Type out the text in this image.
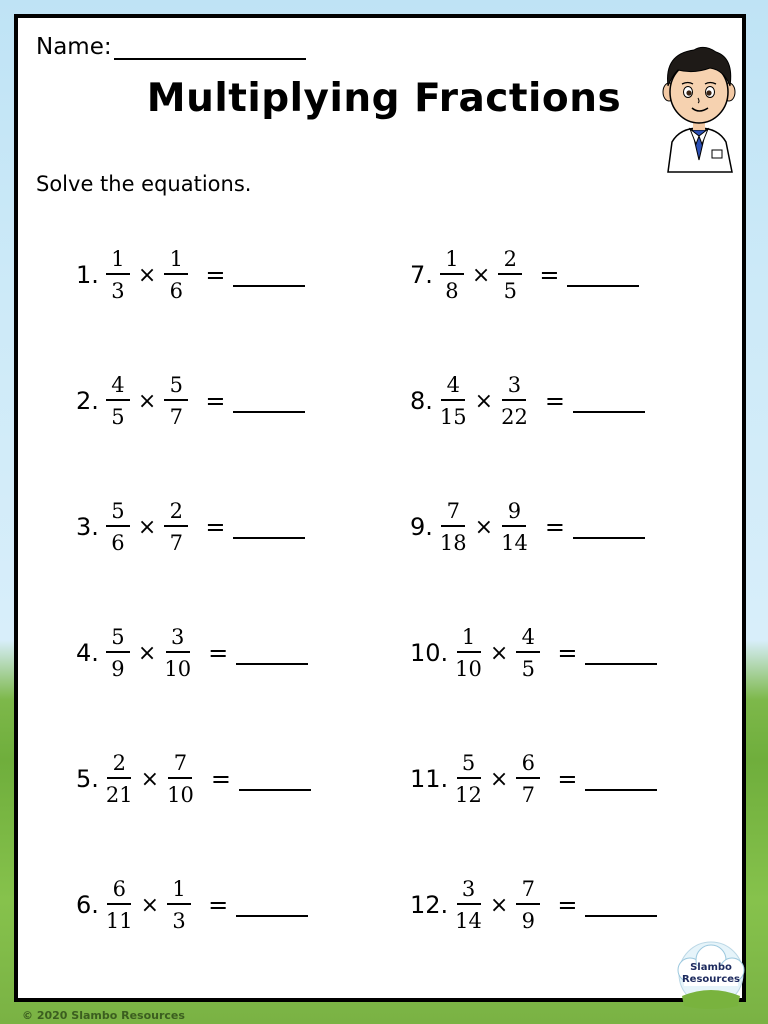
Name:
Multiplying Fractions
Solve the equations.
1. $\frac{1}{3} \times \frac{1}{6}$ =
2. $\frac{4}{5} \times \frac{5}{7}$ =
3. $\frac{5}{6} \times \frac{2}{7}$ =
4. $\frac{5}{9} \times \frac{3}{10}$ =
5. $\frac{2}{21} \times \frac{7}{10}$ =
6. $\frac{6}{11} \times \frac{1}{3}$ =
7. $\frac{1}{8} \times \frac{2}{5}$ =
8. $\frac{4}{15} \times \frac{3}{22}$ =
9. $\frac{7}{18} \times \frac{9}{14}$ =
10. $\frac{1}{10} \times \frac{4}{5}$ =
11. $\frac{5}{12} \times \frac{6}{7}$ =
12. $\frac{3}{14} \times \frac{7}{9}$ =
Slambo
Resources
© 2020 Slambo Resources
